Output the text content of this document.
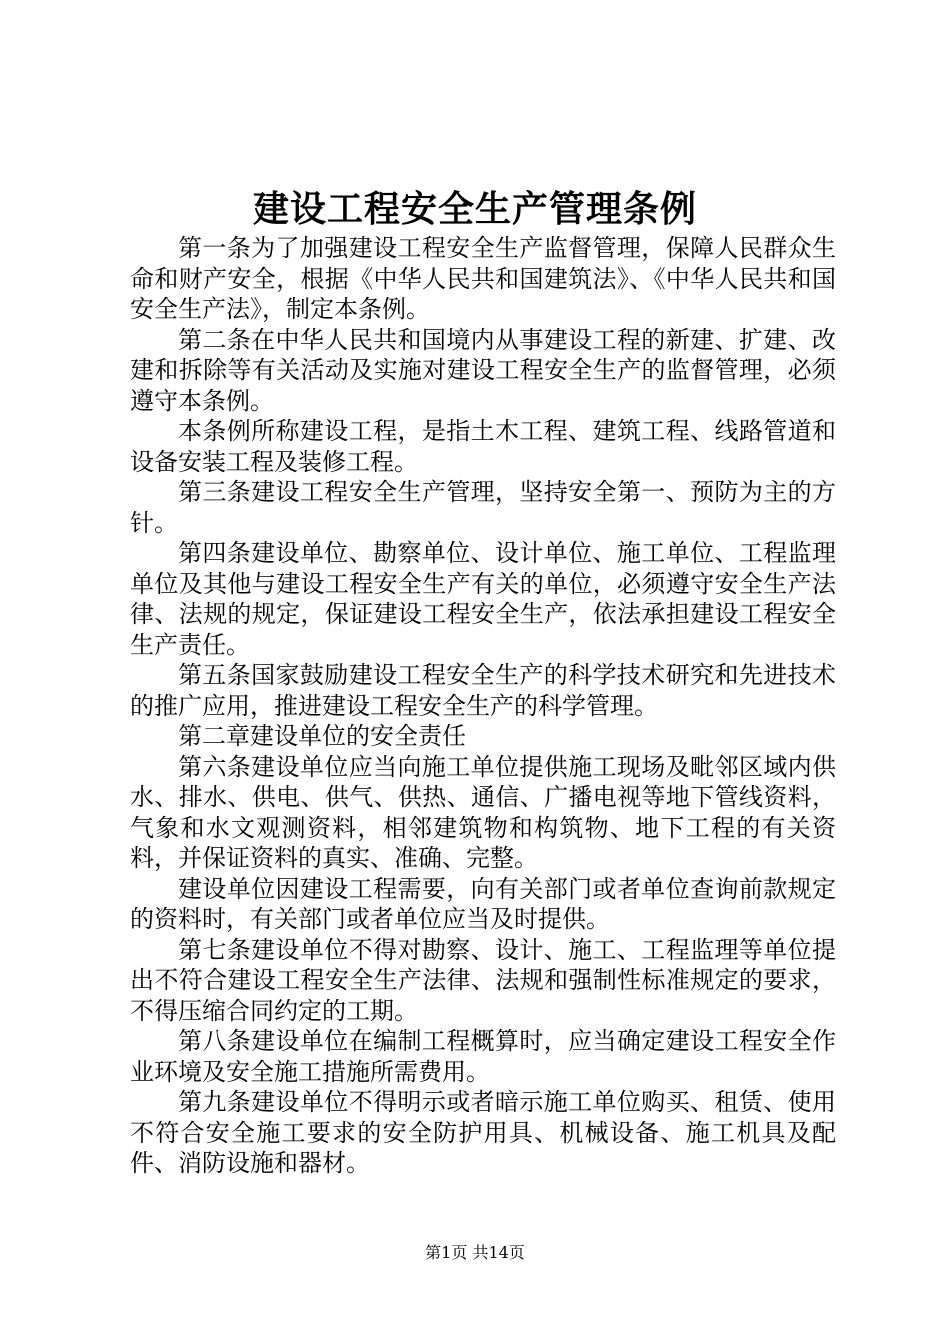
建设工程安全生产管理条例

第一条为了加强建设工程安全生产监督管理，保障人民群众生命和财产安全，根据《中华人民共和国建筑法》、《中华人民共和国安全生产法》，制定本条例。

第二条在中华人民共和国境内从事建设工程的新建、扩建、改建和拆除等有关活动及实施对建设工程安全生产的监督管理，必须遵守本条例。

本条例所称建设工程，是指土木工程、建筑工程、线路管道和设备安装工程及装修工程。

第三条建设工程安全生产管理，坚持安全第一、预防为主的方针。

第四条建设单位、勘察单位、设计单位、施工单位、工程监理单位及其他与建设工程安全生产有关的单位，必须遵守安全生产法律、法规的规定，保证建设工程安全生产，依法承担建设工程安全生产责任。

第五条国家鼓励建设工程安全生产的科学技术研究和先进技术的推广应用，推进建设工程安全生产的科学管理。

第二章建设单位的安全责任

第六条建设单位应当向施工单位提供施工现场及毗邻区域内供水、排水、供电、供气、供热、通信、广播电视等地下管线资料，气象和水文观测资料，相邻建筑物和构筑物、地下工程的有关资料，并保证资料的真实、准确、完整。

建设单位因建设工程需要，向有关部门或者单位查询前款规定的资料时，有关部门或者单位应当及时提供。

第七条建设单位不得对勘察、设计、施工、工程监理等单位提出不符合建设工程安全生产法律、法规和强制性标准规定的要求，不得压缩合同约定的工期。

第八条建设单位在编制工程概算时，应当确定建设工程安全作业环境及安全施工措施所需费用。

第九条建设单位不得明示或者暗示施工单位购买、租赁、使用不符合安全施工要求的安全防护用具、机械设备、施工机具及配件、消防设施和器材。

第1页 共14页
